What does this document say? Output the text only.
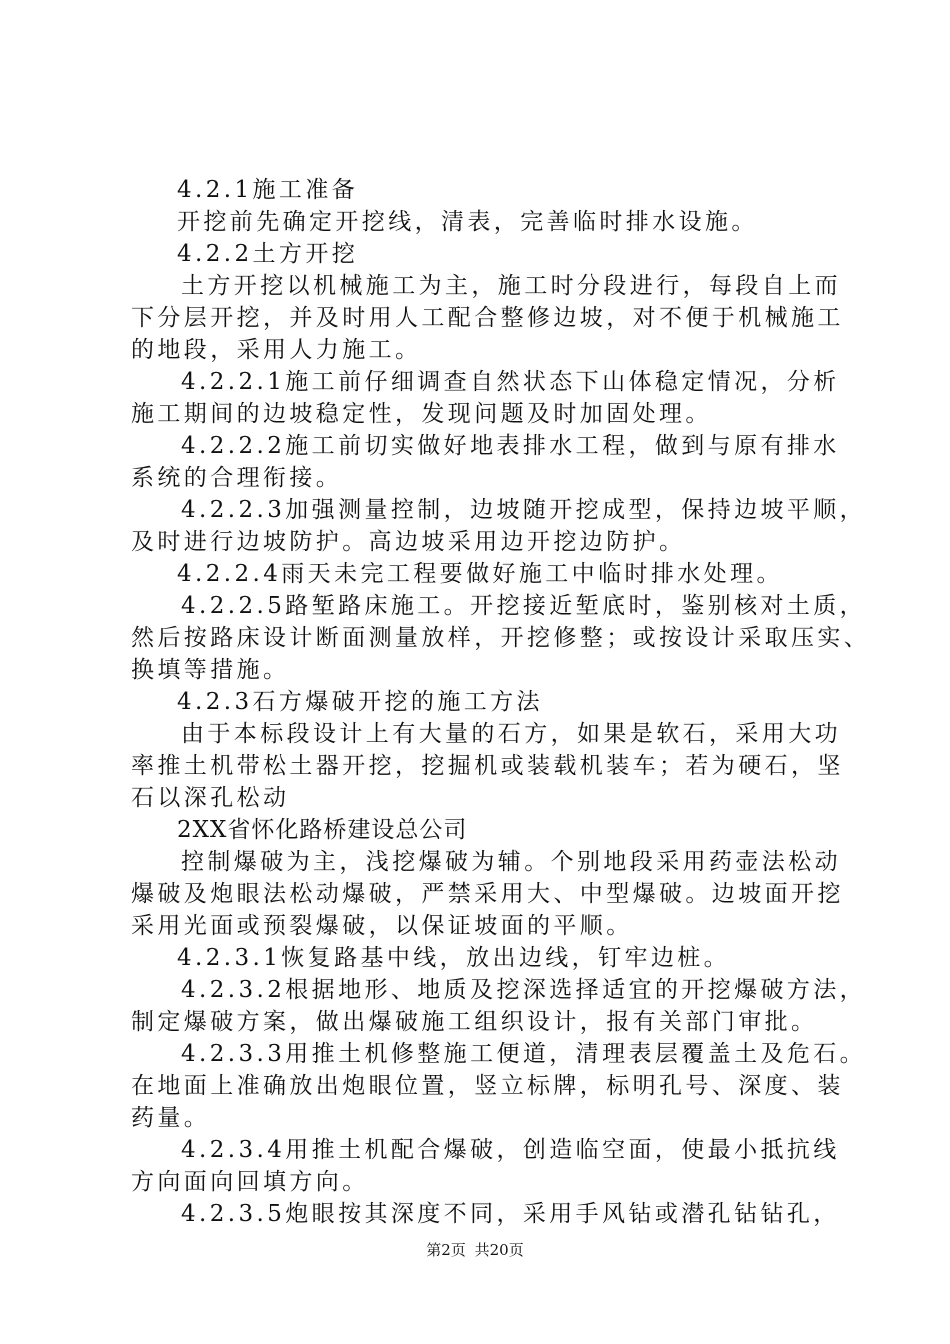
4.2.1施工准备
开挖前先确定开挖线，清表，完善临时排水设施。
4.2.2土方开挖
土方开挖以机械施工为主，施工时分段进行，每段自上而
下分层开挖，并及时用人工配合整修边坡，对不便于机械施工
的地段，采用人力施工。
4.2.2.1施工前仔细调查自然状态下山体稳定情况，分析
施工期间的边坡稳定性，发现问题及时加固处理。
4.2.2.2施工前切实做好地表排水工程，做到与原有排水
系统的合理衔接。
4.2.2.3加强测量控制，边坡随开挖成型，保持边坡平顺，
及时进行边坡防护。高边坡采用边开挖边防护。
4.2.2.4雨天未完工程要做好施工中临时排水处理。
4.2.2.5路堑路床施工。开挖接近堑底时，鉴别核对土质，
然后按路床设计断面测量放样，开挖修整；或按设计采取压实、
换填等措施。
4.2.3石方爆破开挖的施工方法
由于本标段设计上有大量的石方，如果是软石，采用大功
率推土机带松土器开挖，挖掘机或装载机装车；若为硬石，坚
石以深孔松动
2XX省怀化路桥建设总公司
控制爆破为主，浅挖爆破为辅。个别地段采用药壶法松动
爆破及炮眼法松动爆破，严禁采用大、中型爆破。边坡面开挖
采用光面或预裂爆破，以保证坡面的平顺。
4.2.3.1恢复路基中线，放出边线，钉牢边桩。
4.2.3.2根据地形、地质及挖深选择适宜的开挖爆破方法，
制定爆破方案，做出爆破施工组织设计，报有关部门审批。
4.2.3.3用推土机修整施工便道，清理表层覆盖土及危石。
在地面上准确放出炮眼位置，竖立标牌，标明孔号、深度、装
药量。
4.2.3.4用推土机配合爆破，创造临空面，使最小抵抗线
方向面向回填方向。
4.2.3.5炮眼按其深度不同，采用手风钻或潜孔钻钻孔，
第2页 共20页
